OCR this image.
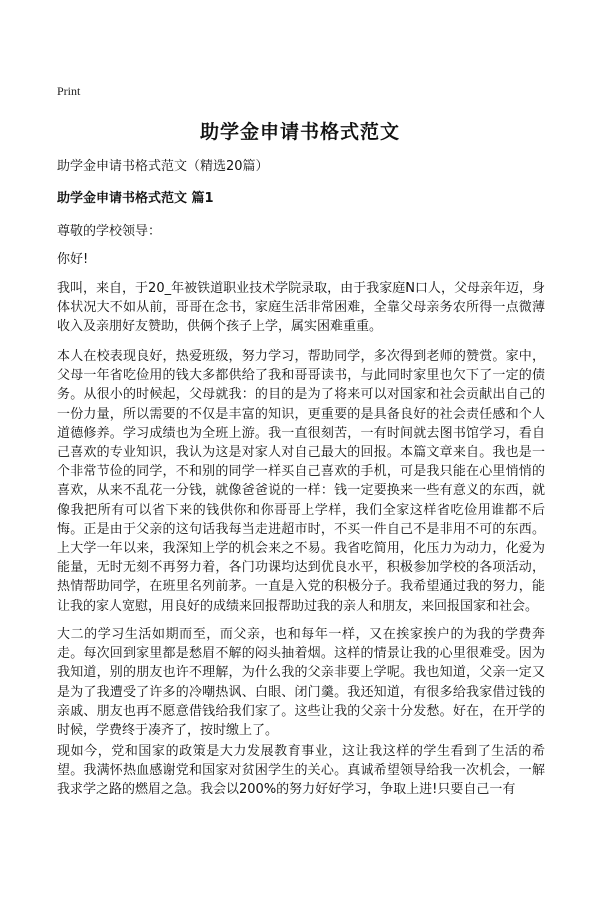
Print
助学金申请书格式范文
助学金申请书格式范文（精选20篇）
助学金申请书格式范文 篇1
尊敬的学校领导：
你好!
我叫，来自，于20_年被铁道职业技术学院录取，由于我家庭N口人，父母亲年迈，身体状况大不如从前，哥哥在念书，家庭生活非常困难，全靠父母亲务农所得一点微薄收入及亲朋好友赞助，供俩个孩子上学，属实困难重重。
本人在校表现良好，热爱班级，努力学习，帮助同学，多次得到老师的赞赏。家中，父母一年省吃俭用的钱大多都供给了我和哥哥读书，与此同时家里也欠下了一定的债务。从很小的时候起，父母就我：的目的是为了将来可以对国家和社会贡献出自己的一份力量，所以需要的不仅是丰富的知识，更重要的是具备良好的社会责任感和个人道德修养。学习成绩也为全班上游。我一直很刻苦，一有时间就去图书馆学习，看自己喜欢的专业知识，我认为这是对家人对自己最大的回报。本篇文章来自。我也是一个非常节俭的同学，不和别的同学一样买自己喜欢的手机，可是我只能在心里悄悄的喜欢，从来不乱花一分钱，就像爸爸说的一样：钱一定要换来一些有意义的东西，就像我把所有可以省下来的钱供你和你哥哥上学样，我们全家这样省吃俭用谁都不后悔。正是由于父亲的这句话我每当走进超市时，不买一件自己不是非用不可的东西。上大学一年以来，我深知上学的机会来之不易。我省吃简用，化压力为动力，化爱为能量，无时无刻不再努力着，各门功课均达到优良水平，积极参加学校的各项活动，热情帮助同学，在班里名列前茅。一直是入党的积极分子。我希望通过我的努力，能让我的家人宽慰，用良好的成绩来回报帮助过我的亲人和朋友，来回报国家和社会。
大二的学习生活如期而至，而父亲，也和每年一样，又在挨家挨户的为我的学费奔走。每次回到家里都是愁眉不解的闷头抽着烟。这样的情景让我的心里很难受。因为我知道，别的朋友也许不理解，为什么我的父亲非要上学呢。我也知道，父亲一定又是为了我遭受了许多的冷嘲热讽、白眼、闭门羹。我还知道，有很多给我家借过钱的亲戚、朋友也再不愿意借钱给我们家了。这些让我的父亲十分发愁。好在，在开学的时候，学费终于凑齐了，按时缴上了。
现如今，党和国家的政策是大力发展教育事业，这让我这样的学生看到了生活的希望。我满怀热血感谢党和国家对贫困学生的关心。真诚希望领导给我一次机会，一解我求学之路的燃眉之急。我会以200%的努力好好学习，争取上进!只要自己一有
